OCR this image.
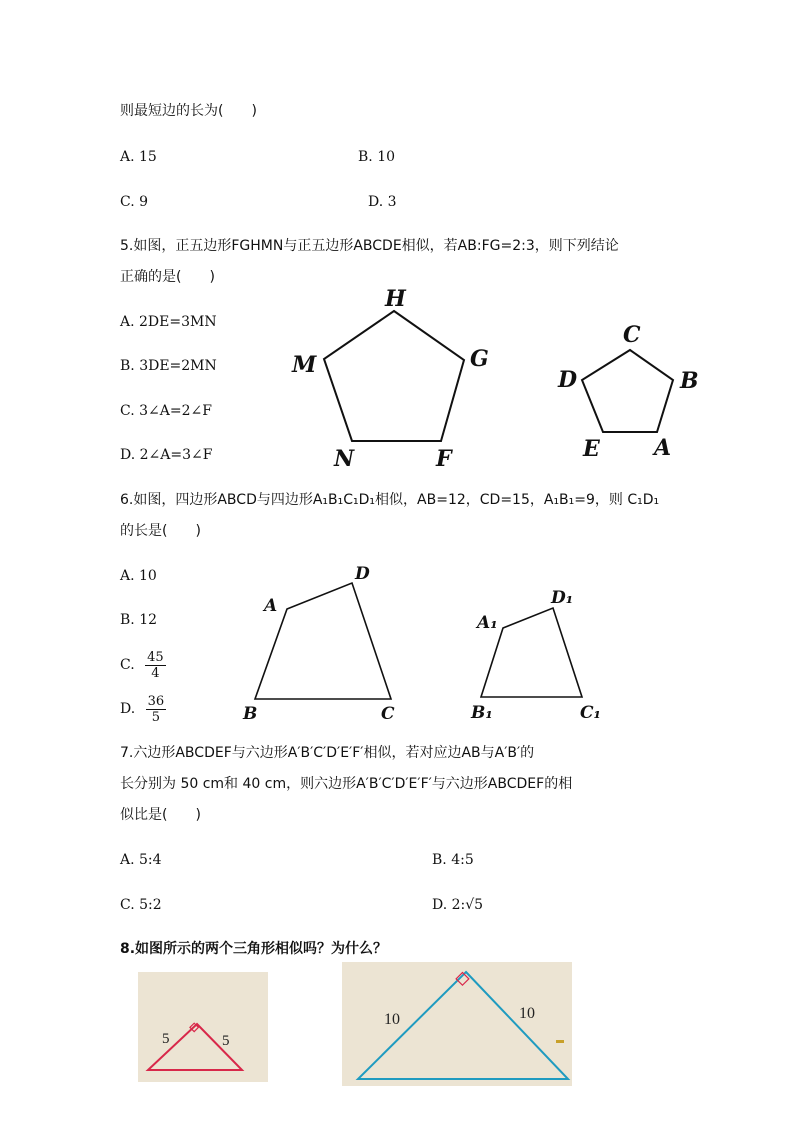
则最短边的长为(　　)
A. 15	B. 10
C. 9	D. 3
5.如图，正五边形FGHMN与正五边形ABCDE相似，若AB:FG=2:3，则下列结论
正确的是(　　)
A. 2DE=3MN
B. 3DE=2MN
C. 3∠A=2∠F
D. 2∠A=3∠F
H
G
M
N	F
C
D	B
E A
6.如图，四边形ABCD与四边形A₁B₁C₁D₁相似，AB=12，CD=15，A₁B₁=9，则 C₁D₁
的长是(　　)
A. 10
B. 12
C. $\frac{45}{4}$
D. $\frac{36}{5}$
A
D
B	C
A₁
D₁
B₁	C₁
7.六边形ABCDEF与六边形A′B′C′D′E′F′相似，若对应边AB与A′B′的
长分别为 50 cm和 40 cm，则六边形A′B′C′D′E′F′与六边形ABCDEF的相
似比是(　　)
A. 5:4	B. 4:5
C. 5:2	D. 2:√5
8.如图所示的两个三角形相似吗？为什么？
5	5
10	10
